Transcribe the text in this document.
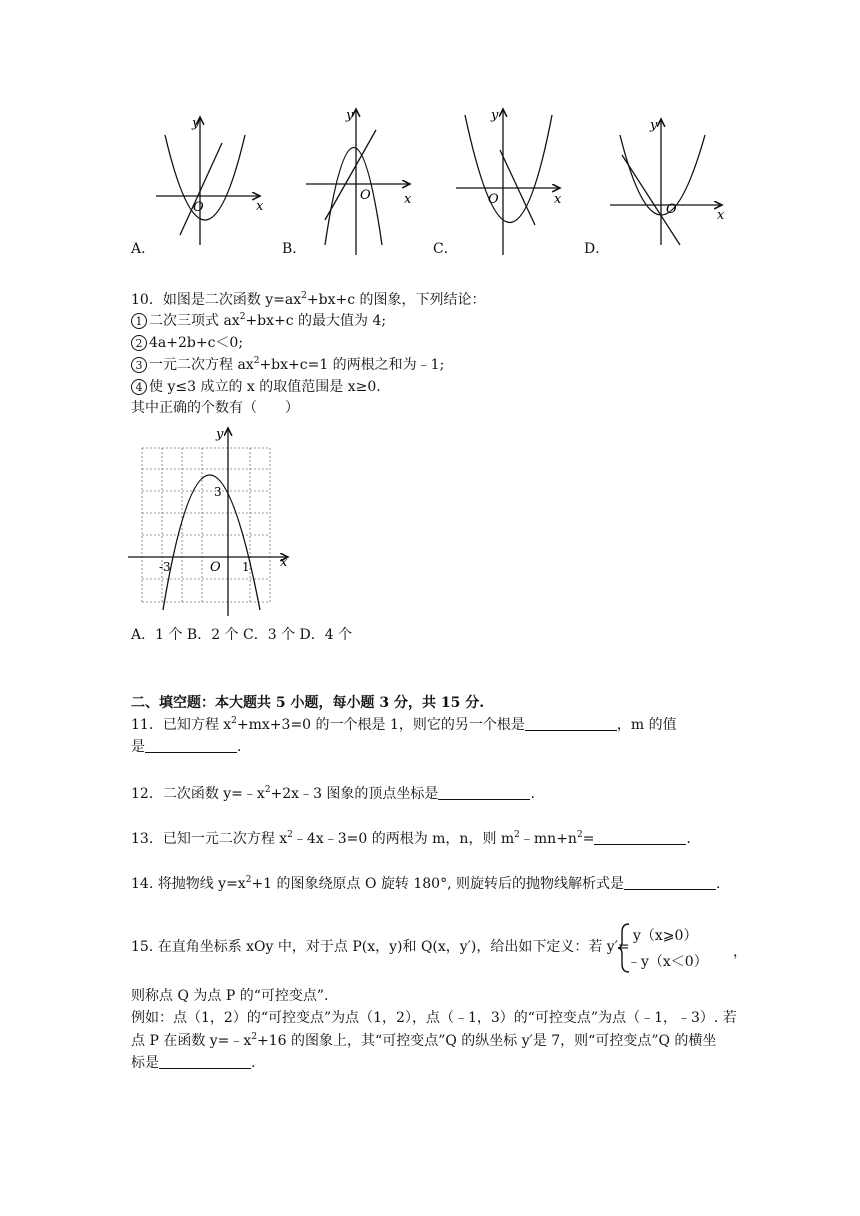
y
x
O
y
x
O
y
x
O
y
x
O
A．	B．	C．	D．
10．如图是二次函数 $y=ax^2+bx+c$ 的图象，下列结论：
1 二次三项式 $ax^2+bx+c$ 的最大值为 4;
2 4a+2b+c＜0;
3 一元二次方程 $ax^2+bx+c=1$ 的两根之和为﹣1;
4 使 y≤3 成立的 x 的取值范围是 x≥0.
其中正确的个数有（　　）
y
x
O
3
-3	1
A．1 个 B．2 个 C．3 个 D．4 个
二、填空题：本大题共 5 小题，每小题 3 分，共 15 分.
11．已知方程 $x^2+mx+3=0$ 的一个根是 1，则它的另一个根是	，m 的值
是	.
12．二次函数 $y=﹣x^2+2x﹣3$ 图象的顶点坐标是	.
13．已知一元二次方程 $x^2﹣4x﹣3=0$ 的两根为 m，n，则 $m^2﹣mn+n^2=$	.
14. 将抛物线 $y=x^2+1$ 的图象绕原点 O 旋转 180°, 则旋转后的抛物线解析式是	.
15. 在直角坐标系 xOy 中，对于点 P(x，y)和 Q(x，y′)，给出如下定义：若 y′=
y（x⩾0）
﹣y（x＜0）
，
则称点 Q 为点 P 的“可控变点”.
例如：点（1，2）的“可控变点”为点（1，2），点（﹣1，3）的“可控变点”为点（﹣1，﹣3）. 若
点 P 在函数 $y=﹣x^2+16$ 的图象上，其“可控变点”Q 的纵坐标 y′是 7，则“可控变点”Q 的横坐
标是	.
